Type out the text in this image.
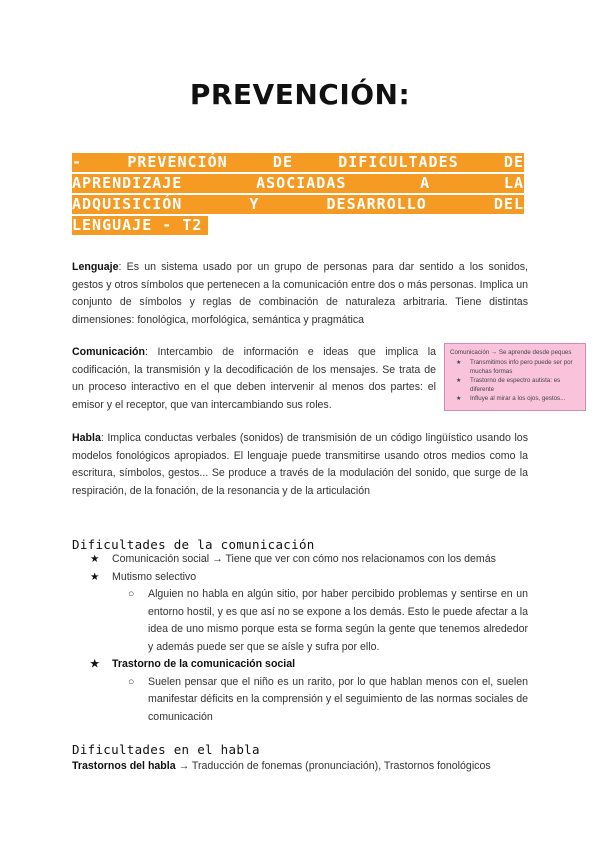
PREVENCIÓN:
- PREVENCIÓN DE DIFICULTADES DE
APRENDIZAJE ASOCIADAS A LA
ADQUISICIÓN Y DESARROLLO DEL
LENGUAJE - T2
Lenguaje: Es un sistema usado por un grupo de personas para dar sentido a los sonidos, gestos y otros símbolos que pertenecen a la comunicación entre dos o más personas. Implica un conjunto de símbolos y reglas de combinación de naturaleza arbitraria. Tiene distintas dimensiones: fonológica, morfológica, semántica y pragmática
Comunicación: Intercambio de información e ideas que implica la codificación, la transmisión y la decodificación de los mensajes. Se trata de un proceso interactivo en el que deben intervenir al menos dos partes: el emisor y el receptor, que van intercambiando sus roles.
Comunicación → Se aprende desde peques
★ Transmitimos info pero puede ser por muchas formas
★ Trastorno de espectro autista: es diferente
★ Influye al mirar a los ojos, gestos...
Habla: Implica conductas verbales (sonidos) de transmisión de un código lingüístico usando los modelos fonológicos apropiados. El lenguaje puede transmitirse usando otros medios como la escritura, símbolos, gestos... Se produce a través de la modulación del sonido, que surge de la respiración, de la fonación, de la resonancia y de la articulación
Dificultades de la comunicación
★ Comunicación social → Tiene que ver con cómo nos relacionamos con los demás
★ Mutismo selectivo
○ Alguien no habla en algún sitio, por haber percibido problemas y sentirse en un entorno hostil, y es que así no se expone a los demás. Esto le puede afectar a la idea de uno mismo porque esta se forma según la gente que tenemos alrededor y además puede ser que se aísle y sufra por ello.
★ Trastorno de la comunicación social
○ Suelen pensar que el niño es un rarito, por lo que hablan menos con el, suelen manifestar déficits en la comprensión y el seguimiento de las normas sociales de comunicación
Dificultades en el habla
Trastornos del habla → Traducción de fonemas (pronunciación), Trastornos fonológicos
